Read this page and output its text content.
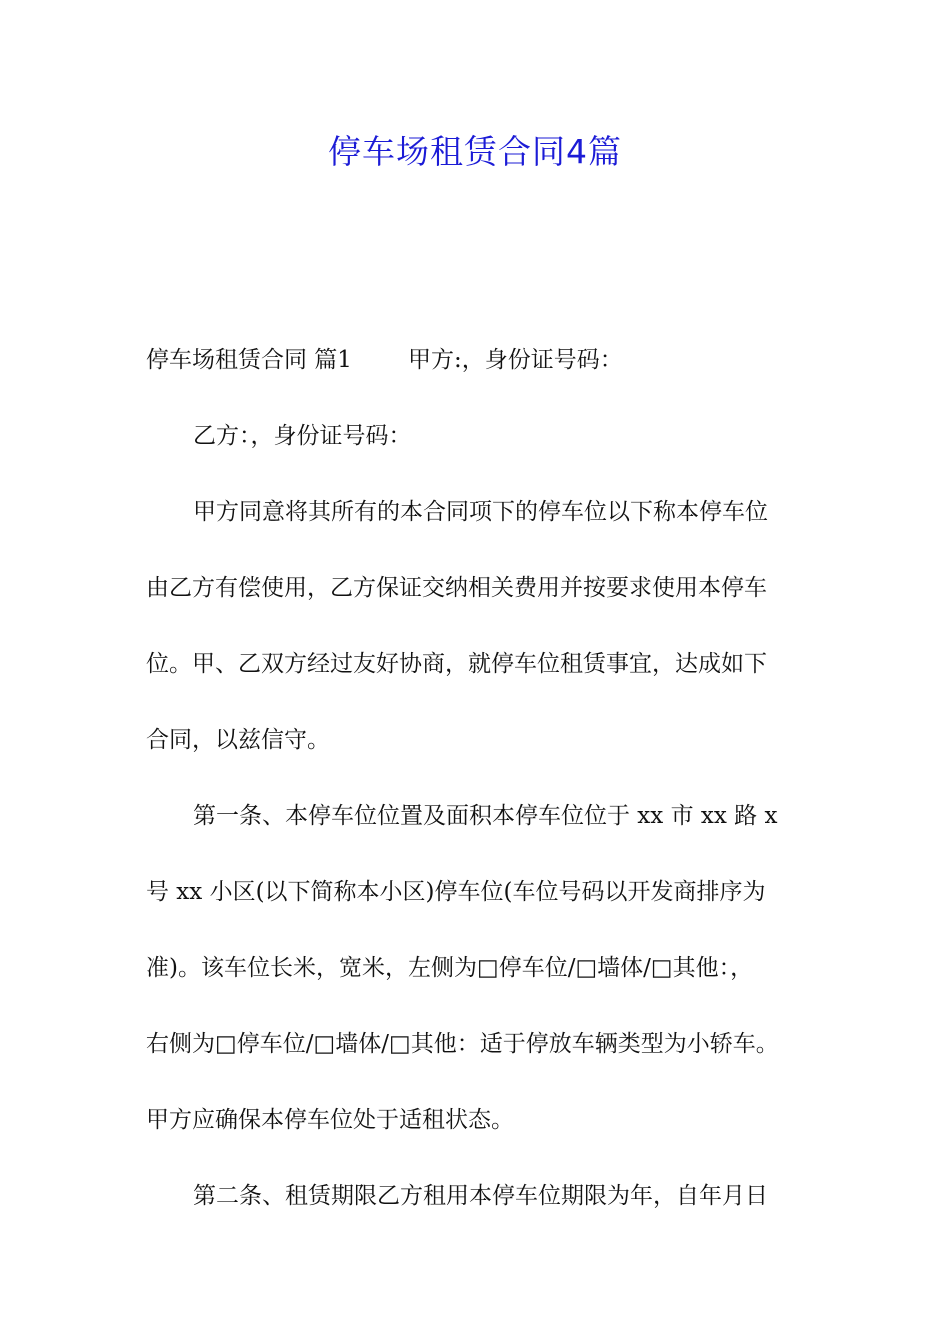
停车场租赁合同4篇
停车场租赁合同 篇1 甲方:，身份证号码：
乙方：，身份证号码：
甲方同意将其所有的本合同项下的停车位以下称本停车位
由乙方有偿使用，乙方保证交纳相关费用并按要求使用本停车
位。甲、乙双方经过友好协商，就停车位租赁事宜，达成如下
合同，以兹信守。
第一条、本停车位位置及面积本停车位位于 xx 市 xx 路 x
号 xx 小区(以下简称本小区)停车位(车位号码以开发商排序为
准)。该车位长米，宽米，左侧为□停车位/□墙体/□其他：，
右侧为□停车位/□墙体/□其他：适于停放车辆类型为小轿车。
甲方应确保本停车位处于适租状态。
第二条、租赁期限乙方租用本停车位期限为年，自年月日
